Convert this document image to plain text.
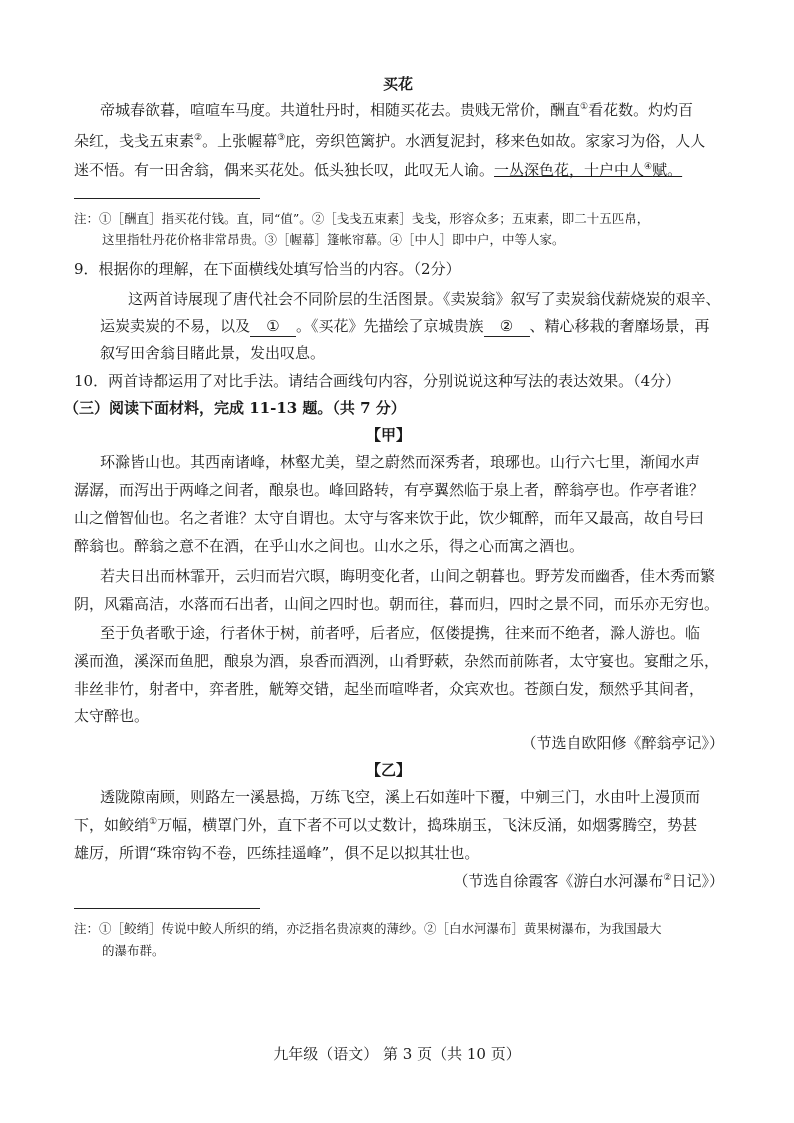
买花
帝城春欲暮，喧喧车马度。共道牡丹时，相随买花去。贵贱无常价，酬直①看花数。灼灼百
朵红，戋戋五束素②。上张幄幕③庇，旁织笆篱护。水洒复泥封，移来色如故。家家习为俗，人人
迷不悟。有一田舍翁，偶来买花处。低头独长叹，此叹无人谕。一丛深色花，十户中人④赋。
注：①［酬直］指买花付钱。直，同“值”。②［戋戋五束素］戋戋，形容众多；五束素，即二十五匹帛，
这里指牡丹花价格非常昂贵。③［幄幕］篷帐帘幕。④［中人］即中户，中等人家。
9．根据你的理解，在下面横线处填写恰当的内容。（2分）
这两首诗展现了唐代社会不同阶层的生活图景。《卖炭翁》叙写了卖炭翁伐薪烧炭的艰辛、
运炭卖炭的不易，以及 ① 。《买花》先描绘了京城贵族 ② 、精心移栽的奢靡场景，再
叙写田舍翁目睹此景，发出叹息。
10．两首诗都运用了对比手法。请结合画线句内容，分别说说这种写法的表达效果。（4分）
（三）阅读下面材料，完成 11-13 题。（共 7 分）
【甲】
环滁皆山也。其西南诸峰，林壑尤美，望之蔚然而深秀者，琅琊也。山行六七里，渐闻水声
潺潺，而泻出于两峰之间者，酿泉也。峰回路转，有亭翼然临于泉上者，醉翁亭也。作亭者谁？
山之僧智仙也。名之者谁？太守自谓也。太守与客来饮于此，饮少辄醉，而年又最高，故自号曰
醉翁也。醉翁之意不在酒，在乎山水之间也。山水之乐，得之心而寓之酒也。
若夫日出而林霏开，云归而岩穴暝，晦明变化者，山间之朝暮也。野芳发而幽香，佳木秀而繁
阴，风霜高洁，水落而石出者，山间之四时也。朝而往，暮而归，四时之景不同，而乐亦无穷也。
至于负者歌于途，行者休于树，前者呼，后者应，伛偻提携，往来而不绝者，滁人游也。临
溪而渔，溪深而鱼肥，酿泉为酒，泉香而酒洌，山肴野蔌，杂然而前陈者，太守宴也。宴酣之乐，
非丝非竹，射者中，弈者胜，觥筹交错，起坐而喧哗者，众宾欢也。苍颜白发，颓然乎其间者，
太守醉也。
（节选自欧阳修《醉翁亭记》）
【乙】
透陇隙南顾，则路左一溪悬捣，万练飞空，溪上石如莲叶下覆，中剜三门，水由叶上漫顶而
下，如鲛绡①万幅，横罩门外，直下者不可以丈数计，捣珠崩玉，飞沫反涌，如烟雾腾空，势甚
雄厉，所谓“珠帘钩不卷，匹练挂遥峰”，俱不足以拟其壮也。
（节选自徐霞客《游白水河瀑布②日记》）
注：①［鲛绡］传说中鲛人所织的绡，亦泛指名贵凉爽的薄纱。②［白水河瀑布］黄果树瀑布，为我国最大
的瀑布群。
九年级（语文） 第 3 页（共 10 页）
